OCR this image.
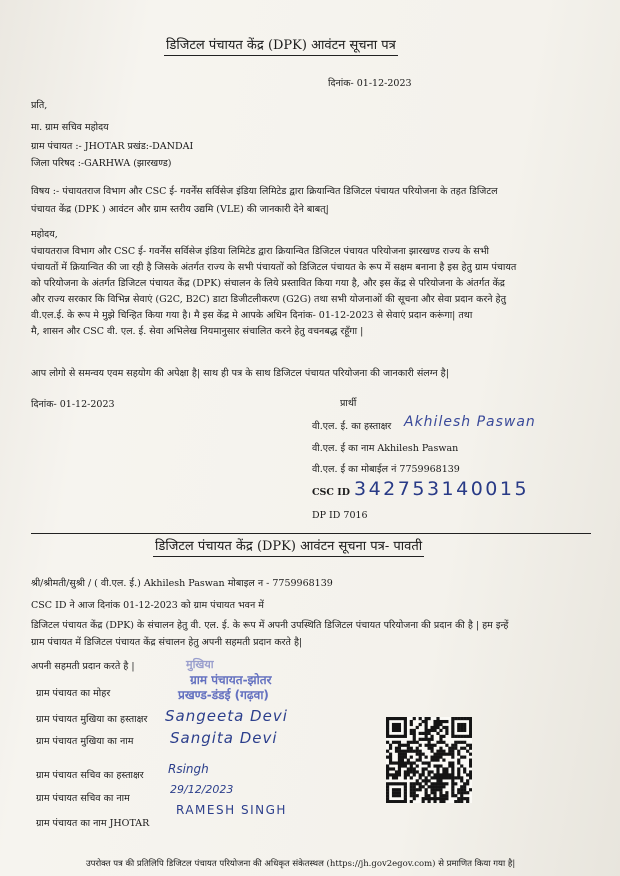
डिजिटल पंचायत केंद्र (DPK) आवंटन सूचना पत्र
दिनांक- 01-12-2023
प्रति,
मा. ग्राम सचिव महोदय
ग्राम पंचायत :- JHOTAR प्रखंड:-DANDAI
जिला परिषद :-GARHWA (झारखण्ड)
विषय :- पंचायतराज विभाग और CSC ई- गवर्नेंस सर्विसेज इंडिया लिमिटेड द्वारा क्रियान्वित डिजिटल पंचायत परियोजना के तहत डिजिटल
पंचायत केंद्र (DPK ) आवंटन और ग्राम स्तरीय उद्यमि (VLE) की जानकारी देने बाबत्|
महोदय,
पंचायतराज विभाग और CSC ई- गवर्नेंस सर्विसेज इंडिया लिमिटेड द्वारा क्रियान्वित डिजिटल पंचायत परियोजना झारखण्ड राज्य के सभी
पंचायतों में क्रियान्वित की जा रही है जिसके अंतर्गत राज्य के सभी पंचायतों को डिजिटल पंचायत के रूप में सक्षम बनाना है इस हेतु ग्राम पंचायत
को परियोजना के अंतर्गत डिजिटल पंचायत केंद्र (DPK) संचालन के लिये प्रस्तावित किया गया है, और इस केंद्र से परियोजना के अंतर्गत केंद्र
और राज्य सरकार कि विभिन्न सेवाएं (G2C, B2C) डाटा डिजीटलीकरण (G2G) तथा सभी योजनाओं की सूचना और सेवा प्रदान करने हेतु
वी.एल.ई. के रूप मे मुझे चिन्हित किया गया है। मै इस केंद्र मे आपके अधिन दिनांक- 01-12-2023 से सेवाएं प्रदान करूंगा| तथा
मै, शासन और CSC वी. एल. ई. सेवा अभिलेख नियमानुसार संचालित करने हेतु वचनबद्ध रहूँगा |
आप लोगो से समन्वय एवम सहयोग की अपेक्षा है| साथ ही पत्र के साथ डिजिटल पंचायत परियोजना की जानकारी संलग्न है|
दिनांक- 01-12-2023	प्रार्थी
वी.एल. ई. का हस्ताक्षर Akhilesh Paswan
वी.एल. ई का नाम Akhilesh Paswan
वी.एल. ई का मोबाईल नं 7759968139
CSC ID 342753140015
DP ID 7016
डिजिटल पंचायत केंद्र (DPK) आवंटन सूचना पत्र- पावती
श्री/श्रीमती/सुश्री / ( वी.एल. ई.) Akhilesh Paswan मोबाइल न - 7759968139
CSC ID ने आज दिनांक 01-12-2023 को ग्राम पंचायत भवन में
डिजिटल पंचायत केंद्र (DPK) के संचालन हेतु वी. एल. ई. के रूप में अपनी उपस्थिति डिजिटल पंचायत परियोजना की प्रदान की है | हम इन्हें
ग्राम पंचायत में डिजिटल पंचायत केंद्र संचालन हेतु अपनी सहमती प्रदान करते है|
अपनी सहमती प्रदान करते है |	मुखिया
ग्राम पंचायत-झोतर
प्रखण्ड-डंडई (गढ़वा)
ग्राम पंचायत का मोहर
ग्राम पंचायत मुखिया का हस्ताक्षर Sangeeta Devi
ग्राम पंचायत मुखिया का नाम Sangita Devi
ग्राम पंचायत सचिव का हस्ताक्षर Rsingh
29/12/2023
ग्राम पंचायत सचिव का नाम
RAMESH SINGH
ग्राम पंचायत का नाम JHOTAR
उपरोक्त पत्र की प्रतिलिपि डिजिटल पंचायत परियोजना की अधिकृत संकेतस्थल (https://jh.gov2egov.com) से प्रमाणित किया गया है|
